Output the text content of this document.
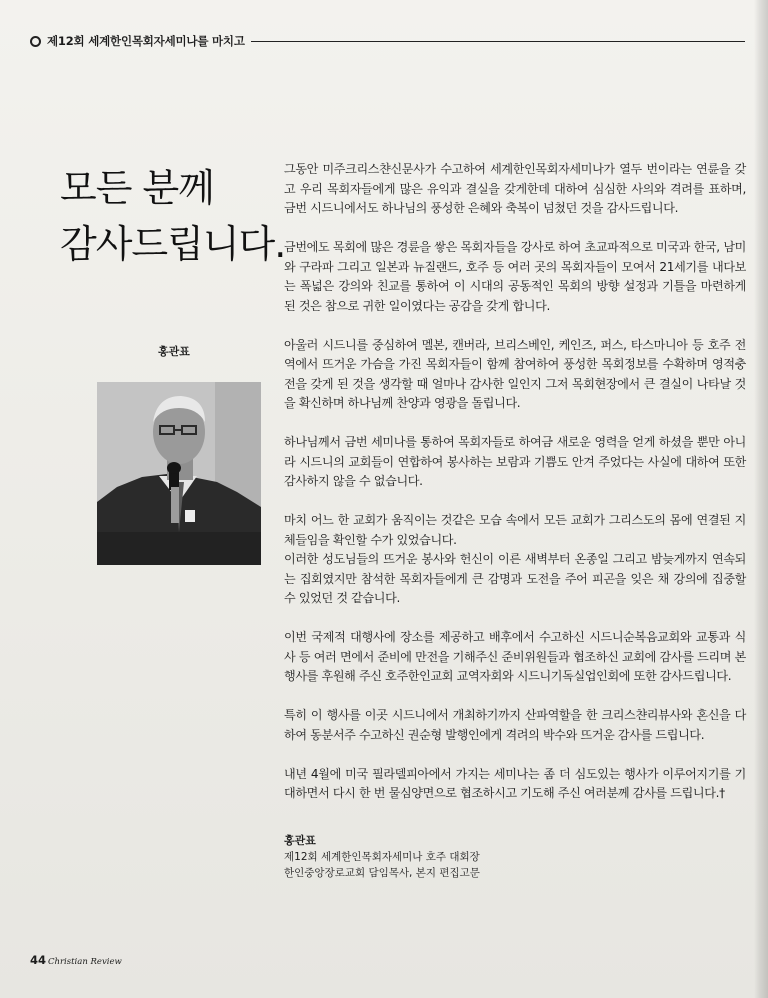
제12회 세계한인목회자세미나를 마치고
모든 분께
감사드립니다.
홍관표

그동안 미주크리스챤신문사가 수고하여 세계한인목회자세미나가 열두 번이라는 연륜을 갖고 우리 목회자들에게 많은 유익과 결실을 갖게한데 대하여 심심한 사의와 격려를 표하며, 금번 시드니에서도 하나님의 풍성한 은혜와 축복이 넘쳤던 것을 감사드립니다.

금번에도 목회에 많은 경륜을 쌓은 목회자들을 강사로 하여 초교파적으로 미국과 한국, 남미와 구라파 그리고 일본과 뉴질랜드, 호주 등 여러 곳의 목회자들이 모여서 21세기를 내다보는 폭넓은 강의와 친교를 통하여 이 시대의 공동적인 목회의 방향 설정과 기틀을 마련하게 된 것은 참으로 귀한 일이였다는 공감을 갖게 합니다.

아울러 시드니를 중심하여 멜본, 캔버라, 브리스베인, 케인즈, 퍼스, 타스마니아 등 호주 전역에서 뜨거운 가슴을 가진 목회자들이 함께 참여하여 풍성한 목회정보를 수확하며 영적충전을 갖게 된 것을 생각할 때 얼마나 감사한 일인지 그저 목회현장에서 큰 결실이 나타날 것을 확신하며 하나님께 찬양과 영광을 돌립니다.

하나님께서 금번 세미나를 통하여 목회자들로 하여금 새로운 영력을 얻게 하셨을 뿐만 아니라 시드니의 교회들이 연합하여 봉사하는 보람과 기쁨도 안겨 주었다는 사실에 대하여 또한 감사하지 않을 수 없습니다.

마치 어느 한 교회가 움직이는 것같은 모습 속에서 모든 교회가 그리스도의 몸에 연결된 지체들임을 확인할 수가 있었습니다.

이러한 성도님들의 뜨거운 봉사와 헌신이 이른 새벽부터 온종일 그리고 밤늦게까지 연속되는 집회였지만 참석한 목회자들에게 큰 감명과 도전을 주어 피곤을 잊은 채 강의에 집중할 수 있었던 것 같습니다.

이번 국제적 대행사에 장소를 제공하고 배후에서 수고하신 시드니순복음교회와 교통과 식사 등 여러 면에서 준비에 만전을 기해주신 준비위원들과 협조하신 교회에 감사를 드리며 본 행사를 후원해 주신 호주한인교회 교역자회와 시드니기독실업인회에 또한 감사드립니다.

특히 이 행사를 이곳 시드니에서 개최하기까지 산파역할을 한 크리스챤리뷰사와 혼신을 다하여 동분서주 수고하신 권순형 발행인에게 격려의 박수와 뜨거운 감사를 드립니다.

내년 4월에 미국 필라델피아에서 가지는 세미나는 좀 더 심도있는 행사가 이루어지기를 기대하면서 다시 한 번 물심양면으로 협조하시고 기도해 주신 여러분께 감사를 드립니다.†

홍관표
제12회 세계한인목회자세미나 호주 대회장
한인중앙장로교회 담임목사, 본지 편집고문
44 Christian Review
